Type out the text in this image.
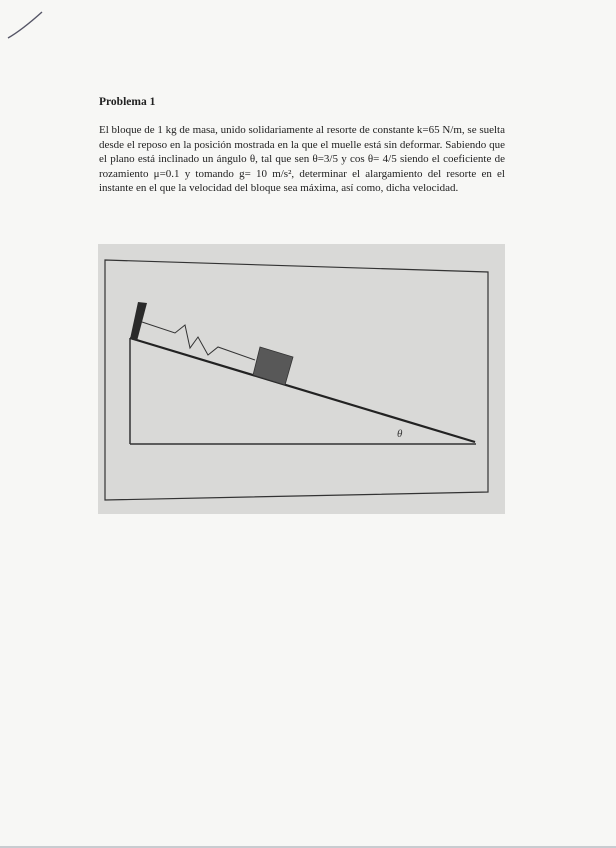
Problema 1
El bloque de 1 kg de masa, unido solidariamente al resorte de constante k=65 N/m, se suelta desde el reposo en la posición mostrada en la que el muelle está sin deformar. Sabiendo que el plano está inclinado un ángulo θ, tal que sen θ=3/5 y cos θ= 4/5 siendo el coeficiente de rozamiento μ=0.1 y tomando g= 10 m/s², determinar el alargamiento del resorte en el instante en el que la velocidad del bloque sea máxima, así como, dicha velocidad.
θ
